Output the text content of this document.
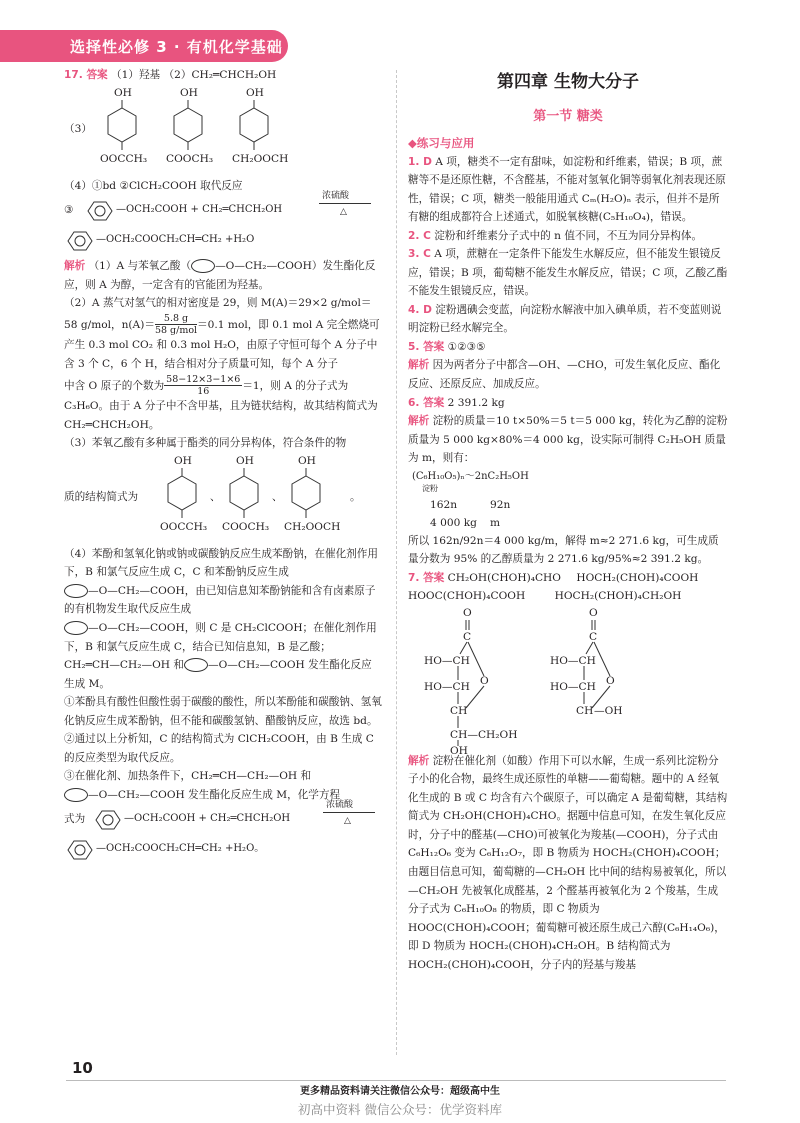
选择性必修 3 · 有机化学基础

17. 答案 （1）羟基 （2）CH₂═CHCH₂OH

（3）
OH
OOCCH₃
OH
COOCH₃
OH
CH₂OOCH

（4）①bd ②ClCH₂COOH 取代反应

③	—OCH₂COOH + CH₂═CHCH₂OH
浓硫酸
△
—OCH₂COOCH₂CH═CH₂ +H₂O

解析 （1）A 与苯氧乙酸（ —O—CH₂—COOH）发生酯化反应，则 A 为醇，一定含有的官能团为羟基。

（2）A 蒸气对氢气的相对密度是 29，则 M(A)＝29×2 g/mol＝

58 g/mol，$n(A)= \frac{5.8 g}{\text{58 g/mol}} =0.1$ mol，即 0.1 mol A 完全燃烧可

产生 0.3 mol CO₂ 和 0.3 mol H₂O，由原子守恒可每个 A 分子中含 3 个 C，6 个 H，结合相对分子质量可知，每个 A 分子

中含 O 原子的个数为 $\frac{58-12\times 3-1\times 6}{16} =1$，则 A 的分子式为

C₃H₆O。由于 A 分子中不含甲基，且为链状结构，故其结构简式为 CH₂═CHCH₂OH。

（3）苯氧乙酸有多种属于酯类的同分异构体，符合条件的物

质的结构简式为
OH
OOCCH₃
、
OH
COOCH₃
、
OH
CH₂OOCH
。

（4）苯酚和氢氧化钠或钠或碳酸钠反应生成苯酚钠，在催化剂作用下，B 和氯气反应生成 C，C 和苯酚钠反应生成

—O—CH₂—COOH，由已知信息知苯酚钠能和含有卤素原子的有机物发生取代反应生成

—O—CH₂—COOH，则 C 是 CH₂ClCOOH；在催化剂作用下，B 和氯气反应生成 C，结合已知信息知，B 是乙酸；

CH₂═CH—CH₂—OH 和 —O—CH₂—COOH 发生酯化反应生成 M。

①苯酚具有酸性但酸性弱于碳酸的酸性，所以苯酚能和碳酸钠、氢氧化钠反应生成苯酚钠，但不能和碳酸氢钠、醋酸钠反应，故选 bd。

②通过以上分析知，C 的结构简式为 ClCH₂COOH，由 B 生成 C 的反应类型为取代反应。

③在催化剂、加热条件下，CH₂═CH—CH₂—OH 和

—O—CH₂—COOH 发生酯化反应生成 M，化学方程

式为	—OCH₂COOH + CH₂═CHCH₂OH
浓硫酸
△
—OCH₂COOCH₂CH═CH₂ +H₂O。
第四章 生物大分子
第一节 糖类
◆练习与应用

1. D A 项，糖类不一定有甜味，如淀粉和纤维素，错误；B 项，蔗糖等不是还原性糖，不含醛基，不能对氢氧化铜等弱氧化剂表现还原性，错误；C 项，糖类一般能用通式 Cₘ(H₂O)ₙ 表示，但并不是所有糖的组成都符合上述通式，如脱氧核糖(C₅H₁₀O₄)，错误。

2. C 淀粉和纤维素分子式中的 n 值不同，不互为同分异构体。

3. C A 项，蔗糖在一定条件下能发生水解反应，但不能发生银镜反应，错误；B 项，葡萄糖不能发生水解反应，错误；C 项，乙酸乙酯不能发生银镜反应，错误。

4. D 淀粉遇碘会变蓝，向淀粉水解液中加入碘单质，若不变蓝则说明淀粉已经水解完全。

5. 答案 ①②③⑤

解析 因为两者分子中都含—OH、—CHO，可发生氧化反应、酯化反应、还原反应、加成反应。

6. 答案 2 391.2 kg

解析 淀粉的质量＝10 t×50%＝5 t＝5 000 kg，转化为乙醇的淀粉质量为 5 000 kg×80%＝4 000 kg，设实际可制得 C₂H₅OH 质量为 m，则有：

(C₆H₁₀O₅)ₙ～2nC₂H₅OH
淀粉
162n	92n
4 000 kg m

所以 162n/92n＝4 000 kg/m，解得 m≈2 271.6 kg，可生成质量分数为 95% 的乙醇质量为 2 271.6 kg/95%≈2 391.2 kg。

7. 答案 CH₂OH(CHOH)₄CHO HOCH₂(CHOH)₄COOH

HOOC(CHOH)₄COOH	HOCH₂(CHOH)₄CH₂OH

O
C
HO—CH
O
HO—CH
CH
CH—CH₂OH
OH
O
C
HO—CH
O
HO—CH
CH —OH

解析 淀粉在催化剂（如酸）作用下可以水解，生成一系列比淀粉分子小的化合物，最终生成还原性的单糖——葡萄糖。题中的 A 经氧化生成的 B 或 C 均含有六个碳原子，可以确定 A 是葡萄糖，其结构简式为 CH₂OH(CHOH)₄CHO。据题中信息可知，在发生氧化反应时，分子中的醛基(—CHO)可被氧化为羧基(—COOH)，分子式由 C₆H₁₂O₆ 变为 C₆H₁₂O₇，即 B 物质为 HOCH₂(CHOH)₄COOH；由题目信息可知，葡萄糖的—CH₂OH 比中间的结构易被氧化，所以—CH₂OH 先被氧化成醛基，2 个醛基再被氧化为 2 个羧基，生成分子式为 C₆H₁₀O₈ 的物质，即 C 物质为 HOOC(CHOH)₄COOH；葡萄糖可被还原生成己六醇(C₆H₁₄O₆)，即 D 物质为 HOCH₂(CHOH)₄CH₂OH。B 结构简式为 HOCH₂(CHOH)₄COOH，分子内的羟基与羧基

10
更多精品资料请关注微信公众号：超级高中生
初高中资料 微信公众号：优学资料库
